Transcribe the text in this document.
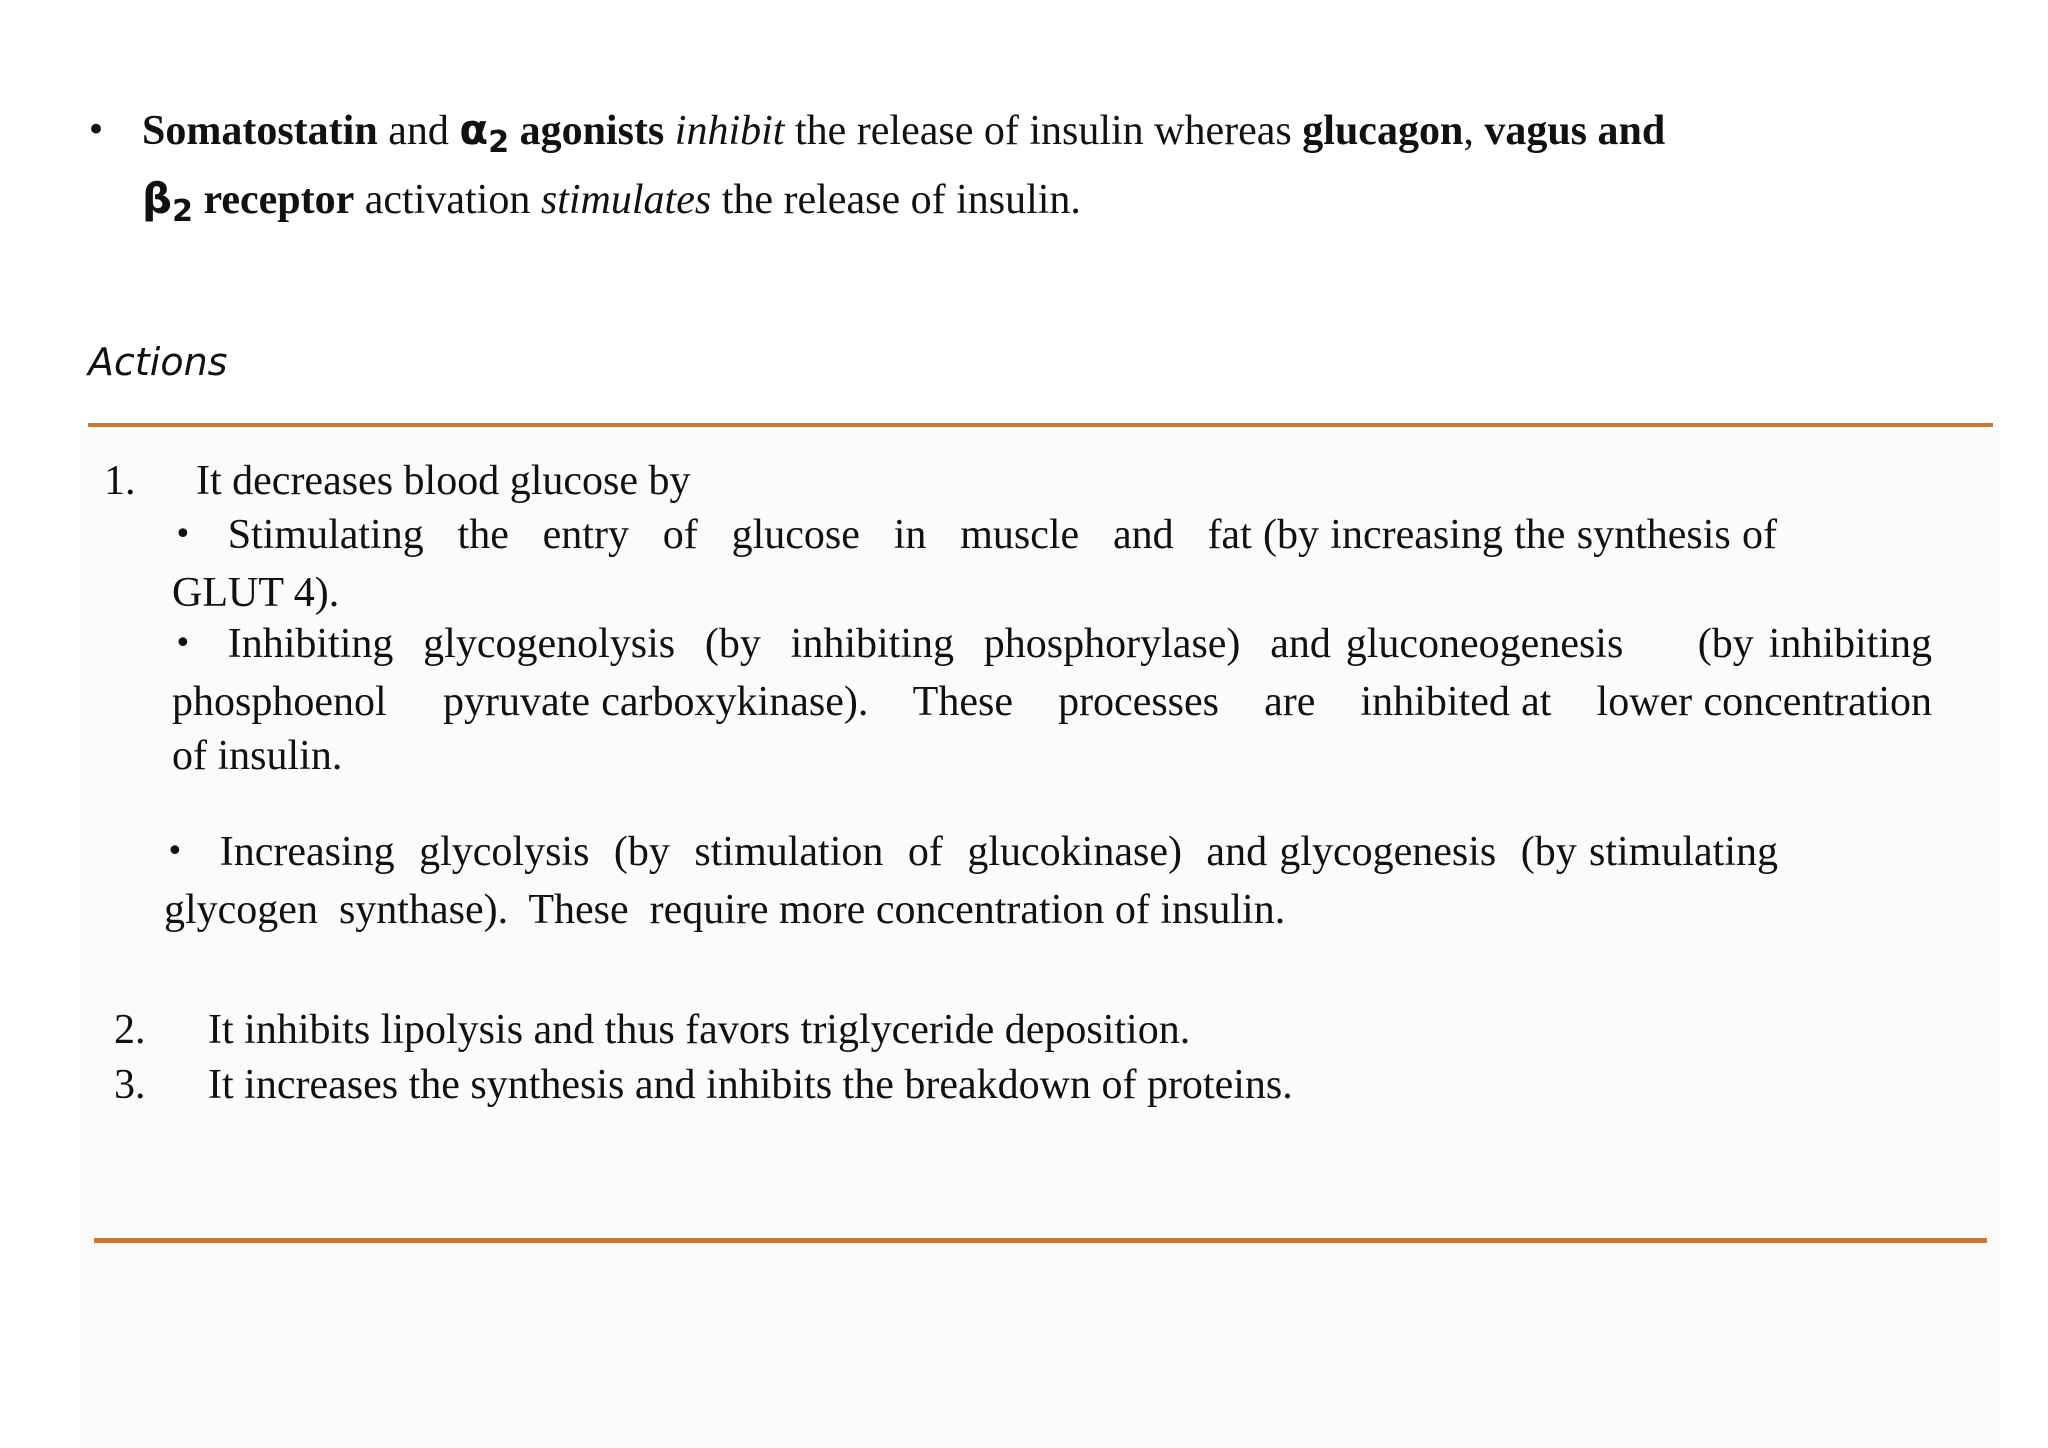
• Somatostatin and $\alpha_2$ agonists inhibit the release of insulin whereas glucagon, vagus and
$\beta_2$ receptor activation stimulates the release of insulin.
Actions
1. It decreases blood glucose by
• Stimulating   the   entry   of   glucose   in   muscle   and   fat (by increasing the synthesis of GLUT 4).
• Inhibiting  glycogenolysis  (by  inhibiting  phosphorylase)  and gluconeogenesis     (by inhibiting     phosphoenol     pyruvate carboxykinase).    These    processes    are    inhibited at    lower concentration of insulin.
• Increasing  glycolysis  (by  stimulation  of  glucokinase)  and glycogenesis  (by stimulating  glycogen  synthase).  These  require more concentration of insulin.
2. It inhibits lipolysis and thus favors triglyceride deposition.
3. It increases the synthesis and inhibits the breakdown of proteins.
